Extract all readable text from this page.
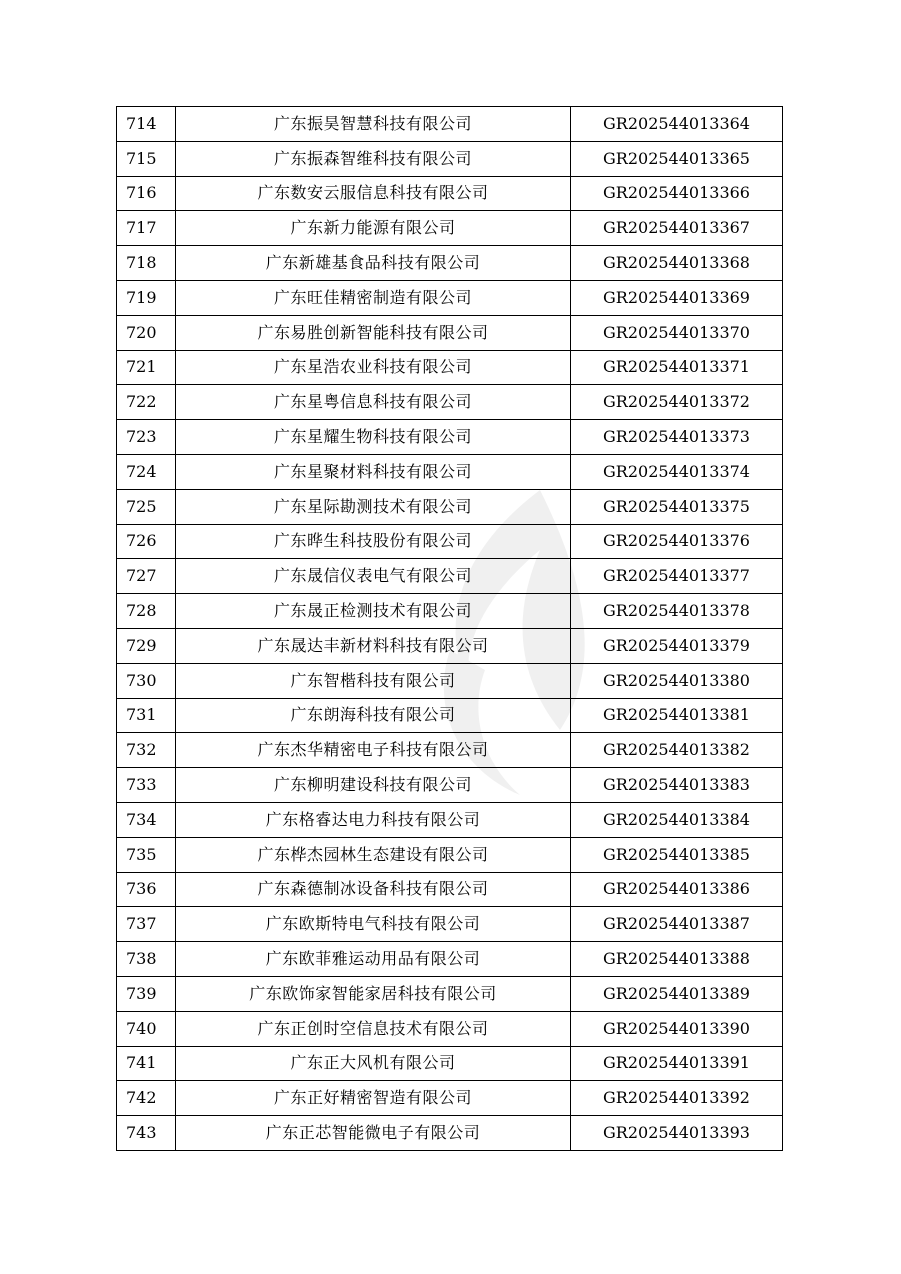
714	广东振昊智慧科技有限公司	GR202544013364
715	广东振森智维科技有限公司	GR202544013365
716	广东数安云服信息科技有限公司	GR202544013366
717	广东新力能源有限公司	GR202544013367
718	广东新雄基食品科技有限公司	GR202544013368
719	广东旺佳精密制造有限公司	GR202544013369
720	广东易胜创新智能科技有限公司	GR202544013370
721	广东星浩农业科技有限公司	GR202544013371
722	广东星粤信息科技有限公司	GR202544013372
723	广东星耀生物科技有限公司	GR202544013373
724	广东星聚材料科技有限公司	GR202544013374
725	广东星际勘测技术有限公司	GR202544013375
726	广东晔生科技股份有限公司	GR202544013376
727	广东晟信仪表电气有限公司	GR202544013377
728	广东晟正检测技术有限公司	GR202544013378
729	广东晟达丰新材料科技有限公司	GR202544013379
730	广东智楷科技有限公司	GR202544013380
731	广东朗海科技有限公司	GR202544013381
732	广东杰华精密电子科技有限公司	GR202544013382
733	广东柳明建设科技有限公司	GR202544013383
734	广东格睿达电力科技有限公司	GR202544013384
735	广东桦杰园林生态建设有限公司	GR202544013385
736	广东森德制冰设备科技有限公司	GR202544013386
737	广东欧斯特电气科技有限公司	GR202544013387
738	广东欧菲雅运动用品有限公司	GR202544013388
739	广东欧饰家智能家居科技有限公司	GR202544013389
740	广东正创时空信息技术有限公司	GR202544013390
741	广东正大风机有限公司	GR202544013391
742	广东正好精密智造有限公司	GR202544013392
743	广东正芯智能微电子有限公司	GR202544013393
